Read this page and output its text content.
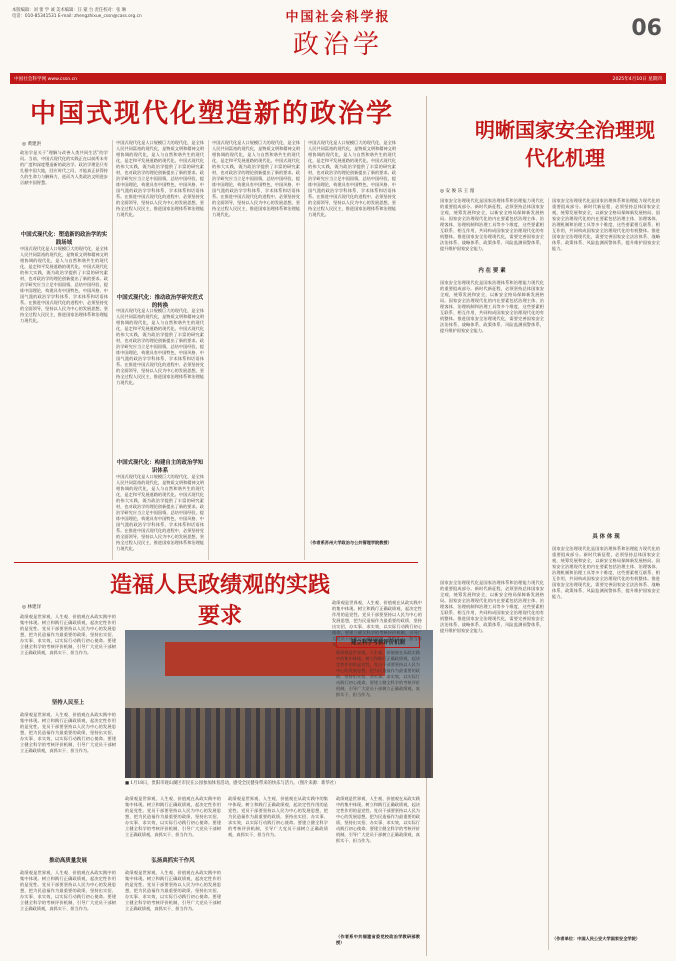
本版编辑：刘 蕾 学 诚 美术编辑：汪 蒙 台 责任校对：张 琳
电话：010-85341531 E-mail: zhengzhixue_cssn@cass.org.cn	中国社会科学报
政治学
06
中国社会科学网 www.cssn.cn	2025年4月10日 星期四
中国式现代化塑造新的政治学
◎ 黄建洪
政治学是关于“理解与改善人类共同生活”的学问。当前，中国式现代化的实践正在以前所未有的广度和深度塑造新的政治学。政治学理论只有扎根中国大地，回应时代之问，才能真正获得持久的生命力与解释力，进而为人类政治文明进步贡献中国智慧。
中国式现代化：塑造新的政治学的实践场域
中国式现代化是人口规模巨大的现代化，是全体人民共同富裕的现代化，是物质文明和精神文明相协调的现代化，是人与自然和谐共生的现代化，是走和平发展道路的现代化。中国式现代化的伟大实践，既为政治学提供了丰富的研究素材，也对政治学的理论创新提出了新的要求。政治学研究应当立足中国国情，总结中国经验，提炼中国理论，构建具有中国特色、中国风格、中国气派的政治学学科体系、学术体系和话语体系。在推进中国式现代化的进程中，必须坚持党的全面领导，坚持以人民为中心的发展思想，坚持全过程人民民主，推进国家治理体系和治理能力现代化。
中国式现代化是人口规模巨大的现代化，是全体人民共同富裕的现代化，是物质文明和精神文明相协调的现代化，是人与自然和谐共生的现代化，是走和平发展道路的现代化。中国式现代化的伟大实践，既为政治学提供了丰富的研究素材，也对政治学的理论创新提出了新的要求。政治学研究应当立足中国国情，总结中国经验，提炼中国理论，构建具有中国特色、中国风格、中国气派的政治学学科体系、学术体系和话语体系。在推进中国式现代化的进程中，必须坚持党的全面领导，坚持以人民为中心的发展思想，坚持全过程人民民主，推进国家治理体系和治理能力现代化。
中国式现代化：推动政治学研究范式的转换
中国式现代化是人口规模巨大的现代化，是全体人民共同富裕的现代化，是物质文明和精神文明相协调的现代化，是人与自然和谐共生的现代化，是走和平发展道路的现代化。中国式现代化的伟大实践，既为政治学提供了丰富的研究素材，也对政治学的理论创新提出了新的要求。政治学研究应当立足中国国情，总结中国经验，提炼中国理论，构建具有中国特色、中国风格、中国气派的政治学学科体系、学术体系和话语体系。在推进中国式现代化的进程中，必须坚持党的全面领导，坚持以人民为中心的发展思想，坚持全过程人民民主，推进国家治理体系和治理能力现代化。
中国式现代化：构建自主的政治学知识体系
中国式现代化是人口规模巨大的现代化，是全体人民共同富裕的现代化，是物质文明和精神文明相协调的现代化，是人与自然和谐共生的现代化，是走和平发展道路的现代化。中国式现代化的伟大实践，既为政治学提供了丰富的研究素材，也对政治学的理论创新提出了新的要求。政治学研究应当立足中国国情，总结中国经验，提炼中国理论，构建具有中国特色、中国风格、中国气派的政治学学科体系、学术体系和话语体系。在推进中国式现代化的进程中，必须坚持党的全面领导，坚持以人民为中心的发展思想，坚持全过程人民民主，推进国家治理体系和治理能力现代化。
中国式现代化是人口规模巨大的现代化，是全体人民共同富裕的现代化，是物质文明和精神文明相协调的现代化，是人与自然和谐共生的现代化，是走和平发展道路的现代化。中国式现代化的伟大实践，既为政治学提供了丰富的研究素材，也对政治学的理论创新提出了新的要求。政治学研究应当立足中国国情，总结中国经验，提炼中国理论，构建具有中国特色、中国风格、中国气派的政治学学科体系、学术体系和话语体系。在推进中国式现代化的进程中，必须坚持党的全面领导，坚持以人民为中心的发展思想，坚持全过程人民民主，推进国家治理体系和治理能力现代化。
中国式现代化是人口规模巨大的现代化，是全体人民共同富裕的现代化，是物质文明和精神文明相协调的现代化，是人与自然和谐共生的现代化，是走和平发展道路的现代化。中国式现代化的伟大实践，既为政治学提供了丰富的研究素材，也对政治学的理论创新提出了新的要求。政治学研究应当立足中国国情，总结中国经验，提炼中国理论，构建具有中国特色、中国风格、中国气派的政治学学科体系、学术体系和话语体系。在推进中国式现代化的进程中，必须坚持党的全面领导，坚持以人民为中心的发展思想，坚持全过程人民民主，推进国家治理体系和治理能力现代化。
（作者系苏州大学政治与公共管理学院教授）
明晰国家安全治理现代化机理
◎ 安 俊 乐 王 漫
国家安全治理现代化是国家治理体系和治理能力现代化的重要组成部分。新时代新征程，必须坚持总体国家安全观，统筹发展和安全，以新安全格局保障新发展格局。国家安全治理现代化的内在要素包括治理主体、治理客体、治理机制和治理工具等多个维度，这些要素相互联系、相互作用，共同构成国家安全治理现代化的有机整体。推进国家安全治理现代化，需要完善国家安全法治体系、战略体系、政策体系、风险监测预警体系，提升维护国家安全能力。
内 在 要 素
国家安全治理现代化是国家治理体系和治理能力现代化的重要组成部分。新时代新征程，必须坚持总体国家安全观，统筹发展和安全，以新安全格局保障新发展格局。国家安全治理现代化的内在要素包括治理主体、治理客体、治理机制和治理工具等多个维度，这些要素相互联系、相互作用，共同构成国家安全治理现代化的有机整体。推进国家安全治理现代化，需要完善国家安全法治体系、战略体系、政策体系、风险监测预警体系，提升维护国家安全能力。
国家安全治理现代化是国家治理体系和治理能力现代化的重要组成部分。新时代新征程，必须坚持总体国家安全观，统筹发展和安全，以新安全格局保障新发展格局。国家安全治理现代化的内在要素包括治理主体、治理客体、治理机制和治理工具等多个维度，这些要素相互联系、相互作用，共同构成国家安全治理现代化的有机整体。推进国家安全治理现代化，需要完善国家安全法治体系、战略体系、政策体系、风险监测预警体系，提升维护国家安全能力。
国家安全治理现代化是国家治理体系和治理能力现代化的重要组成部分。新时代新征程，必须坚持总体国家安全观，统筹发展和安全，以新安全格局保障新发展格局。国家安全治理现代化的内在要素包括治理主体、治理客体、治理机制和治理工具等多个维度，这些要素相互联系、相互作用，共同构成国家安全治理现代化的有机整体。推进国家安全治理现代化，需要完善国家安全法治体系、战略体系、政策体系、风险监测预警体系，提升维护国家安全能力。
具 体 体 现
国家安全治理现代化是国家治理体系和治理能力现代化的重要组成部分。新时代新征程，必须坚持总体国家安全观，统筹发展和安全，以新安全格局保障新发展格局。国家安全治理现代化的内在要素包括治理主体、治理客体、治理机制和治理工具等多个维度，这些要素相互联系、相互作用，共同构成国家安全治理现代化的有机整体。推进国家安全治理现代化，需要完善国家安全法治体系、战略体系、政策体系、风险监测预警体系，提升维护国家安全能力。
（作者单位：中国人民公安大学国家安全学院）
造福人民政绩观的实践要求
◎ 林建洋
政绩观是世界观、人生观、价值观在从政实践中的集中体现。树立和践行正确政绩观，起决定性作用的是党性。党员干部要坚持以人民为中心的发展思想，把为民造福作为最重要的政绩，坚持出实招、办实事、求实效，以实际行动践行初心使命。要建立健全科学的考核评价机制，引导广大党员干部树立正确政绩观，真抓实干、担当作为。
坚持人民至上
政绩观是世界观、人生观、价值观在从政实践中的集中体现。树立和践行正确政绩观，起决定性作用的是党性。党员干部要坚持以人民为中心的发展思想，把为民造福作为最重要的政绩，坚持出实招、办实事、求实效，以实际行动践行初心使命。要建立健全科学的考核评价机制，引导广大党员干部树立正确政绩观，真抓实干、担当作为。
推动高质量发展
政绩观是世界观、人生观、价值观在从政实践中的集中体现。树立和践行正确政绩观，起决定性作用的是党性。党员干部要坚持以人民为中心的发展思想，把为民造福作为最重要的政绩，坚持出实招、办实事、求实效，以实际行动践行初心使命。要建立健全科学的考核评价机制，引导广大党员干部树立正确政绩观，真抓实干、担当作为。
■ 1月18日，贵阳市观山湖区市民在公园参加体育活动，感受全民健身带来的快乐与活力。（图片来源：新华社）
政绩观是世界观、人生观、价值观在从政实践中的集中体现。树立和践行正确政绩观，起决定性作用的是党性。党员干部要坚持以人民为中心的发展思想，把为民造福作为最重要的政绩，坚持出实招、办实事、求实效，以实际行动践行初心使命。要建立健全科学的考核评价机制，引导广大党员干部树立正确政绩观，真抓实干、担当作为。
弘扬真抓实干作风
政绩观是世界观、人生观、价值观在从政实践中的集中体现。树立和践行正确政绩观，起决定性作用的是党性。党员干部要坚持以人民为中心的发展思想，把为民造福作为最重要的政绩，坚持出实招、办实事、求实效，以实际行动践行初心使命。要建立健全科学的考核评价机制，引导广大党员干部树立正确政绩观，真抓实干、担当作为。
政绩观是世界观、人生观、价值观在从政实践中的集中体现。树立和践行正确政绩观，起决定性作用的是党性。党员干部要坚持以人民为中心的发展思想，把为民造福作为最重要的政绩，坚持出实招、办实事、求实效，以实际行动践行初心使命。要建立健全科学的考核评价机制，引导广大党员干部树立正确政绩观，真抓实干、担当作为。
政绩观是世界观、人生观、价值观在从政实践中的集中体现。树立和践行正确政绩观，起决定性作用的是党性。党员干部要坚持以人民为中心的发展思想，把为民造福作为最重要的政绩，坚持出实招、办实事、求实效，以实际行动践行初心使命。要建立健全科学的考核评价机制，引导广大党员干部树立正确政绩观，真抓实干、担当作为。	建立科学考核评价机制
政绩观是世界观、人生观、价值观在从政实践中的集中体现。树立和践行正确政绩观，起决定性作用的是党性。党员干部要坚持以人民为中心的发展思想，把为民造福作为最重要的政绩，坚持出实招、办实事、求实效，以实际行动践行初心使命。要建立健全科学的考核评价机制，引导广大党员干部树立正确政绩观，真抓实干、担当作为。
政绩观是世界观、人生观、价值观在从政实践中的集中体现。树立和践行正确政绩观，起决定性作用的是党性。党员干部要坚持以人民为中心的发展思想，把为民造福作为最重要的政绩，坚持出实招、办实事、求实效，以实际行动践行初心使命。要建立健全科学的考核评价机制，引导广大党员干部树立正确政绩观，真抓实干、担当作为。
（作者系中共福建省委党校政治学教研部教授）
